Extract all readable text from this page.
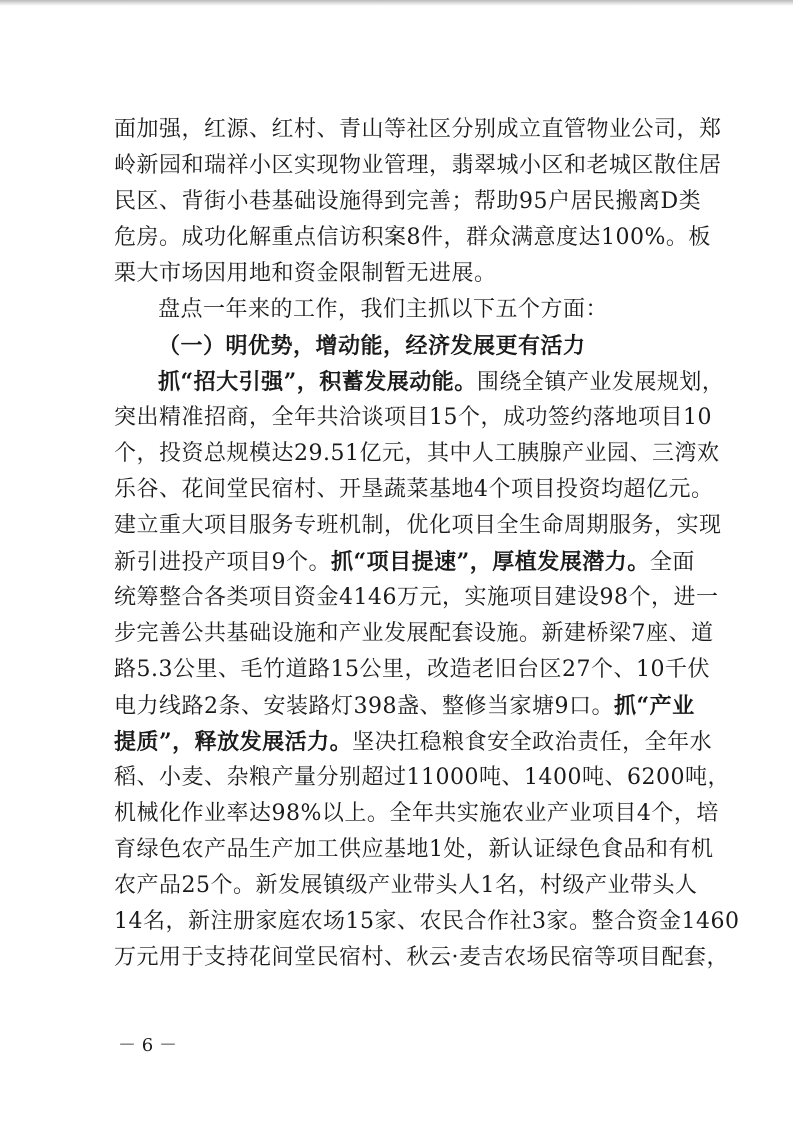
面加强，红源、红村、青山等社区分别成立直管物业公司，郑
岭新园和瑞祥小区实现物业管理，翡翠城小区和老城区散住居
民区、背街小巷基础设施得到完善；帮助95户居民搬离D类
危房。成功化解重点信访积案8件，群众满意度达100%。板
栗大市场因用地和资金限制暂无进展。
盘点一年来的工作，我们主抓以下五个方面：
（一）明优势，增动能，经济发展更有活力
抓“招大引强”，积蓄发展动能。围绕全镇产业发展规划，
突出精准招商，全年共洽谈项目15个，成功签约落地项目10
个，投资总规模达29.51亿元，其中人工胰腺产业园、三湾欢
乐谷、花间堂民宿村、开垦蔬菜基地4个项目投资均超亿元。
建立重大项目服务专班机制，优化项目全生命周期服务，实现
新引进投产项目9个。抓“项目提速”，厚植发展潜力。全面
统筹整合各类项目资金4146万元，实施项目建设98个，进一
步完善公共基础设施和产业发展配套设施。新建桥梁7座、道
路5.3公里、毛竹道路15公里，改造老旧台区27个、10千伏
电力线路2条、安装路灯398盏、整修当家塘9口。抓“产业
提质”，释放发展活力。坚决扛稳粮食安全政治责任，全年水
稻、小麦、杂粮产量分别超过11000吨、1400吨、6200吨，
机械化作业率达98%以上。全年共实施农业产业项目4个，培
育绿色农产品生产加工供应基地1处，新认证绿色食品和有机
农产品25个。新发展镇级产业带头人1名，村级产业带头人
14名，新注册家庭农场15家、农民合作社3家。整合资金1460
万元用于支持花间堂民宿村、秋云·麦吉农场民宿等项目配套，
－ 6 －
